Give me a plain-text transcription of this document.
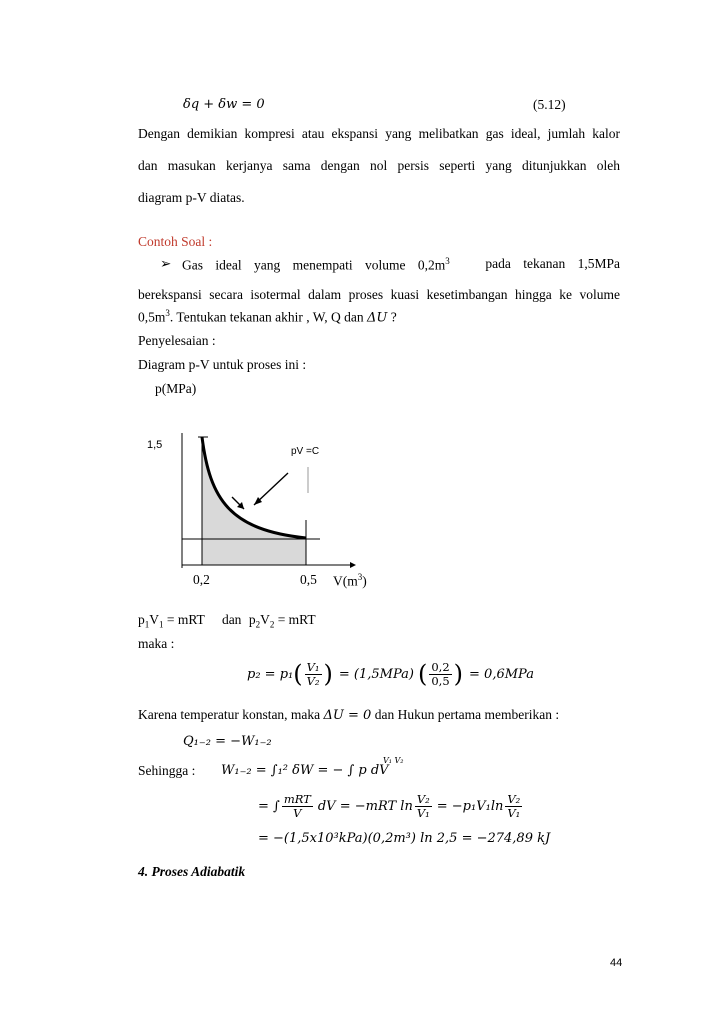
δq + δw = 0	(5.12)
Dengan demikian kompresi atau ekspansi yang melibatkan gas ideal, jumlah kalor
dan masukan kerjanya sama dengan nol persis seperti yang ditunjukkan oleh
diagram p-V diatas.
Contoh Soal :
➢ Gas ideal yang menempati volume $0,2m^3$	pada tekanan 1,5MPa
berekspansi secara isotermal dalam proses kuasi kesetimbangan hingga ke volume
$0,5m^3$. Tentukan tekanan akhir , W, Q dan ΔU ?
Penyelesaian :
Diagram p-V untuk proses ini :
p(MPa)
1,5
pV =C
0,2	0,5 $V(m^3)$
$p_1V_1$ = mRT dan $p_2V_2$ = mRT
maka :
p₂ = p₁ ( $\frac{\text{V₁}}{\text{V₂}}$ ) = (1,5MPa) ( $\frac{0,2}{0,5}$ ) = 0,6MPa
Karena temperatur konstan, maka ΔU = 0 dan Hukun pertama memberikan :
Q₁₋₂ = −W₁₋₂
Sehingga : W₁₋₂ = ∫₁² δW = − ∫ p dV
V₁ V₂
= ∫ $\frac{\text{mRT}}{V}$ dV = −mRT $\ln \frac{\text{V₂}}{\text{V₁}} = -p_1V_1\ln \frac{\text{V₂}}{\text{V₁}}$
= −(1,5x10³kPa)(0,2m³) ln 2,5 = −274,89 kJ
4. Proses Adiabatik
44
